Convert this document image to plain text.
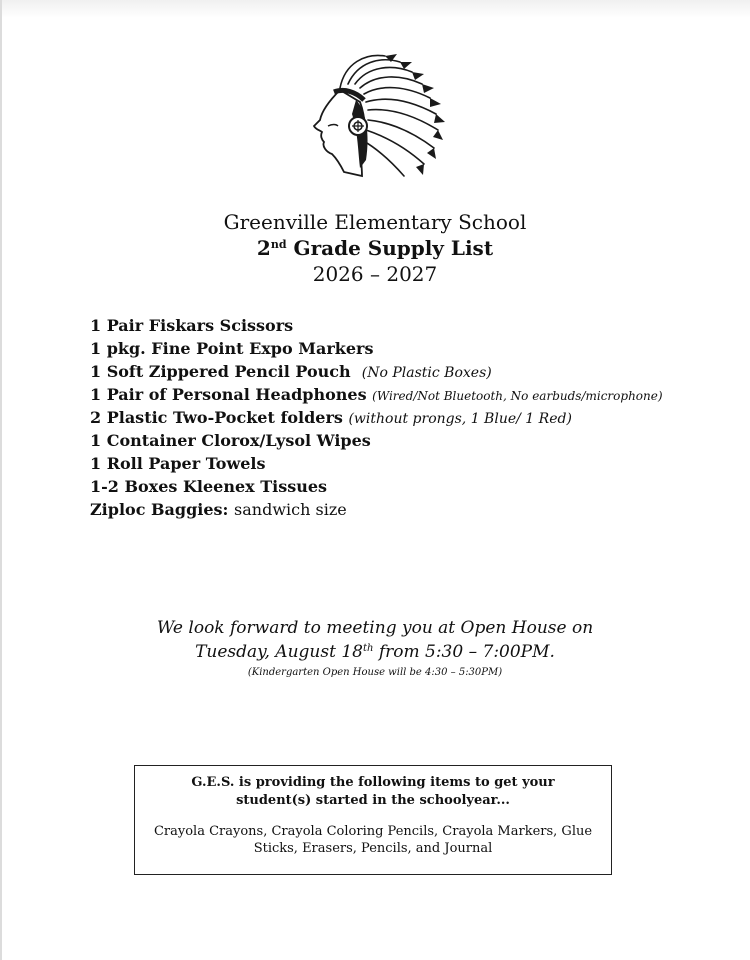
Greenville Elementary School
2nd Grade Supply List
2026 – 2027
1 Pair Fiskars Scissors
1 pkg. Fine Point Expo Markers
1 Soft Zippered Pencil Pouch (No Plastic Boxes)
1 Pair of Personal Headphones (Wired/Not Bluetooth, No earbuds/microphone)
2 Plastic Two-Pocket folders (without prongs, 1 Blue/ 1 Red)
1 Container Clorox/Lysol Wipes
1 Roll Paper Towels
1-2 Boxes Kleenex Tissues
Ziploc Baggies: sandwich size
We look forward to meeting you at Open House on
Tuesday, August 18th from 5:30 – 7:00PM.
(Kindergarten Open House will be 4:30 – 5:30PM)
G.E.S. is providing the following items to get your student(s) started in the schoolyear...
Crayola Crayons, Crayola Coloring Pencils, Crayola Markers, Glue Sticks, Erasers, Pencils, and Journal
